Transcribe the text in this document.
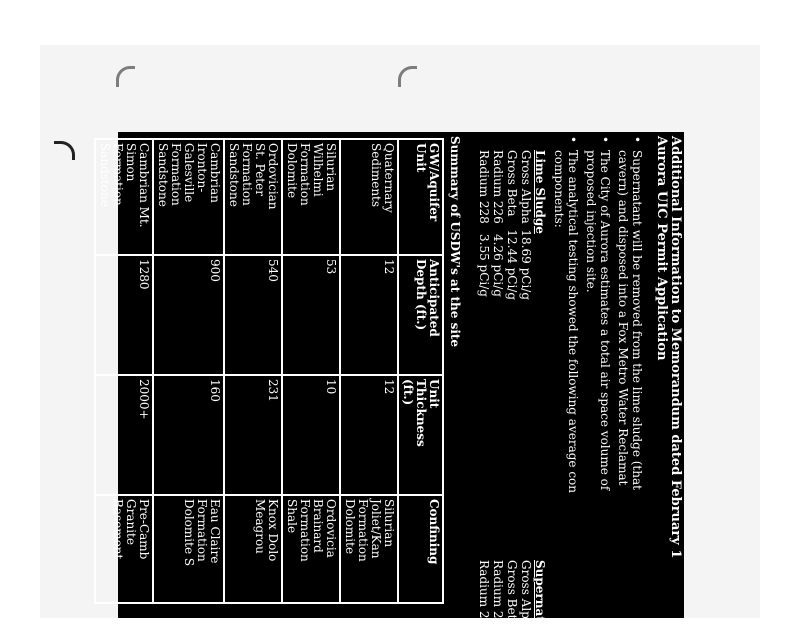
Additional Information to Memorandum dated February 1
Aurora UIC Permit Application
•Supernatant will be removed from the lime sludge (that
cavern) and disposed into a Fox Metro Water Reclamat
•The City of Aurora estimates a total air space volume of
proposed injection site.
•The analytical testing showed the following average con
components:
Lime Sludge
Gross Alpha
18.69 pCi/g
Gross Beta
12.44 pCi/g
Radium 226
4.26 pCi/g
Radium 228
3.55 pCi/g
Supernata
Gross Alph
Gross Beta
Radium 22
Radium 22
Summary of USDW's at the site
GW/Aquifer
Unit	Anticipated
Depth (ft.)	Unit
Thickness
(ft.)	Confining

Quaternary
Sediments	12	12	Silurian
Joliet/Kan
Formation
Dolomite

Silurian
Wilhelmi
Formation
Dolomite	53	10	Ordovicia
Brainard
Formation
Shale

Ordovician
St. Peter
Formation
Sandstone	540	231	Knox Dolo
Meagrou

Cambrian
Ironton-
Galesville
Formation
Sandstone	900	160	Eau Claire
Formation
Dolomite S

Cambrian Mt.
Simon
Formation
Sandstone	1280	2000+	Pre-Camb
Granite
Basement
